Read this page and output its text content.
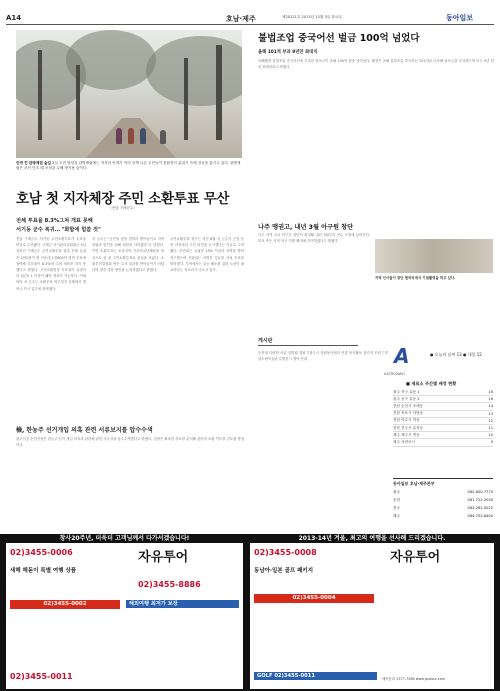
A14	호남·제주	제20121호 2013년 12월 3일 화요일	동아일보
안개 낀 관방제림 숲길 2일 오전 담양읍 관방제림에는 자욱한 안개가 끼어 산책 나온 주민들이 몽환적인 분위기 속에 걸음을 옮기고 있다. 관방제림은 조선 인조 때 조성된 수해 방지용 숲이다.
호남 첫 지자체장 주민 소환투표 무산
〈전남 구례군수〉
전체 투표율 8.3%그쳐 개표 못해
서기동 군수 복귀… "화합에 힘쓸 것"
전남 구례군수 서기동 주민소환투표가 투표율 미달로 무산됐다. 구례군 선거관리위원회는 4일 치러진 구례군수 주민소환투표 결과 전체 유권자 2만2천여 명 가운데 1천800여 명만 투표에 참여해 투표율이 8.3%에 그쳐 개표를 하지 못했다고 밝혔다. 주민소환법상 투표율이 유권자의 3분의 1 이상이 돼야 개표가 가능하다. 이에 따라 서 군수는 소환투표 직무정지 상태에서 벗어나 즉시 업무에 복귀했다.
서 군수는 "군민의 뜻을 겸허히 받아들이고 지역 화합과 발전을 위해 최선을 다하겠다"고 말했다. 이번 소환투표는 호남지역 기초자치단체장을 대상으로 한 첫 주민소환투표로 관심을 모았다. 소환추진위원회 측은 투표 결과를 받아들이기 어렵다며 향후 대응 방안을 논의하겠다고 밝혔다.
주민소환투표 청구는 지난 8월 서 군수가 군정 운영 과정에서 주민 의견을 무시했다는 이유로 시작됐다. 추진위는 유권자 15% 이상의 서명을 받아 청구했으며 선관위는 서명부 검토를 거쳐 투표를 발의했다. 지역에서는 갈등 해소를 위한 노력이 필요하다는 목소리가 나오고 있다.
檢, 한농주 선거개입 의혹 관련 서류보지를 압수수색
광주지검 순천지청은 한농주 선거 개입 의혹과 관련해 관련 사무실을 압수수색했다고 밝혔다. 검찰은 확보한 자료를 분석해 관련자 소환 여부를 검토할 방침이다.
불법조업 중국어선 벌금 100억 넘었다
올해 101척 부과 9년만 최대치
서해해경 불법조업 중국어선에 부과된 담보금이 올해 100억 원을 넘어섰다. 해경은 올해 불법조업 중국어선 101척을 나포해 담보금을 부과했으며 이는 9년 만의 최대치라고 밝혔다.
나주 맹권고, 내년 3월 아구원 창단
나주 지역 고교 야구부 창단이 확정돼 내년 3월부터 선수 모집에 들어간다. 학교 측은 지역 야구 저변 확대에 기여하겠다고 밝혔다.
지역 인사들이 창단 협약식에서 기념촬영을 하고 있다.
게시판
순천대 다양한 사업 설명회 개최 ▽광주시 자원봉사센터 연말 봉사활동 참가자 모집 ▽전남도립미술관 특별전시 개막 안내	A
ASTRONAVI
● 오늘의 날씨 13 ● 내일 12
■ 제표소 주간별 배정 현황
광주 북구 유동 1	18
광주 동구 유동 2	16
전남 순천시 조례동	14
전남 목포시 하당동	13
전남 여수시 학동	12
전북 전주시 효자동	11
제주 제주시 연동	10
제주 서귀포시	9
동아일보 호남·제주본부
광주	062-600-7770
순천	061-721-2030
전주	063-282-0022
제주	064-752-8400
창사20주년, 더욱더 고객님께서 다가서겠습니다!
02)3455-0006	자유투어
새해 해돋이 특별 여행 상품
02)3455-8886
02)3455-0002	해외여행 최저가 보장
02)3455-0011
2013-14년 겨울, 최고의 여행을 선사해 드리겠습니다.
02)3455-0008	자유투어
동남아·일본 골프 패키지
02)3455-0004
GOLF 02)3455-0011	예약문의 1577-7566 www.jautour.com
